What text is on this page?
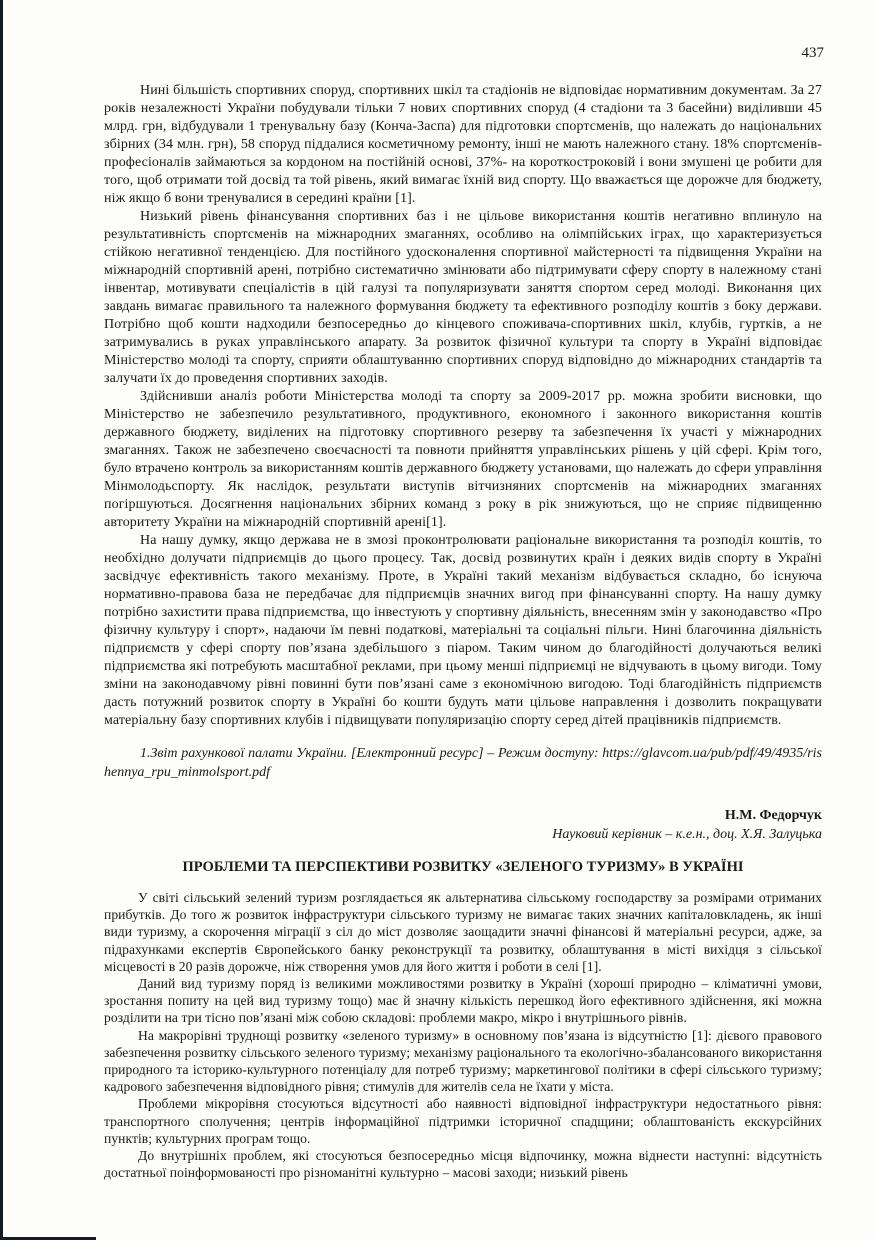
437

Нині більшість спортивних споруд, спортивних шкіл та стадіонів не відповідає нормативним документам. За 27 років незалежності України побудували тільки 7 нових спортивних споруд (4 стадіони та 3 басейни) виділивши 45 млрд. грн, відбудували 1 тренувальну базу (Конча-Заспа) для підготовки спортсменів, що належать до національних збірних (34 млн. грн), 58 споруд піддалися косметичному ремонту, інші не мають належного стану. 18% спортсменів-професіоналів займаються за кордоном на постійній основі, 37%- на короткостроковій і вони змушені це робити для того, щоб отримати той досвід та той рівень, який вимагає їхній вид спорту. Що вважається ще дорожче для бюджету, ніж якщо б вони тренувалися в середині країни [1].

Низький рівень фінансування спортивних баз і не цільове використання коштів негативно вплинуло на результативність спортсменів на міжнародних змаганнях, особливо на олімпійських іграх, що характеризується стійкою негативної тенденцією. Для постійного удосконалення спортивної майстерності та підвищення України на міжнародній спортивній арені, потрібно систематично змінювати або підтримувати сферу спорту в належному стані інвентар, мотивувати спеціалістів в цій галузі та популяризувати заняття спортом серед молоді. Виконання цих завдань вимагає правильного та належного формування бюджету та ефективного розподілу коштів з боку держави. Потрібно щоб кошти надходили безпосередньо до кінцевого споживача-спортивних шкіл, клубів, гуртків, а не затримувались в руках управлінського апарату. За розвиток фізичної культури та спорту в Україні відповідає Міністерство молоді та спорту, сприяти облаштуванню спортивних споруд відповідно до міжнародних стандартів та залучати їх до проведення спортивних заходів.

Здійснивши аналіз роботи Міністерства молоді та спорту за 2009-2017 рр. можна зробити висновки, що Міністерство не забезпечило результативного, продуктивного, економного і законного використання коштів державного бюджету, виділених на підготовку спортивного резерву та забезпечення їх участі у міжнародних змаганнях. Також не забезпечено своєчасності та повноти прийняття управлінських рішень у цій сфері. Крім того, було втрачено контроль за використанням коштів державного бюджету установами, що належать до сфери управління Мінмолодьспорту. Як наслідок, результати виступів вітчизняних спортсменів на міжнародних змаганнях погіршуються. Досягнення національних збірних команд з року в рік знижуються, що не сприяє підвищенню авторитету України на міжнародній спортивній арені[1].

На нашу думку, якщо держава не в змозі проконтролювати раціональне використання та розподіл коштів, то необхідно долучати підприємців до цього процесу. Так, досвід розвинутих країн і деяких видів спорту в Україні засвідчує ефективність такого механізму. Проте, в Україні такий механізм відбувається складно, бо існуюча нормативно-правова база не передбачає для підприємців значних вигод при фінансуванні спорту. На нашу думку потрібно захистити права підприємства, що інвестують у спортивну діяльність, внесенням змін у законодавство «Про фізичну культуру і спорт», надаючи їм певні податкові, матеріальні та соціальні пільги. Нині благочинна діяльність підприємств у сфері спорту пов’язана здебільшого з піаром. Таким чином до благодійності долучаються великі підприємства які потребують масштабної реклами, при цьому менші підприємці не відчувають в цьому вигоди. Тому зміни на законодавчому рівні повинні бути пов’язані саме з економічною вигодою. Тоді благодійність підприємств дасть потужний розвиток спорту в Україні бо кошти будуть мати цільове направлення і дозволить покращувати матеріальну базу спортивних клубів і підвищувати популяризацію спорту серед дітей працівників підприємств.

1.Звіт рахункової палати України. [Електронний ресурс] – Режим доступу: https://glavcom.ua/pub/pdf/49/4935/rishennya_rpu_minmolsport.pdf

Н.М. Федорчук
Науковий керівник – к.е.н., доц. Х.Я. Залуцька
ПРОБЛЕМИ ТА ПЕРСПЕКТИВИ РОЗВИТКУ «ЗЕЛЕНОГО ТУРИЗМУ» В УКРАЇНІ

У світі сільський зелений туризм розглядається як альтернатива сільському господарству за розмірами отриманих прибутків. До того ж розвиток інфраструктури сільського туризму не вимагає таких значних капіталовкладень, як інші види туризму, а скорочення міграції з сіл до міст дозволяє заощадити значні фінансові й матеріальні ресурси, адже, за підрахунками експертів Європейського банку реконструкції та розвитку, облаштування в місті вихідця з сільської місцевості в 20 разів дорожче, ніж створення умов для його життя і роботи в селі [1].

Даний вид туризму поряд із великими можливостями розвитку в Україні (хороші природно – кліматичні умови, зростання попиту на цей вид туризму тощо) має й значну кількість перешкод його ефективного здійснення, які можна розділити на три тісно пов’язані між собою складові: проблеми макро, мікро і внутрішнього рівнів.

На макрорівні труднощі розвитку «зеленого туризму» в основному пов’язана із відсутністю [1]: дієвого правового забезпечення розвитку сільського зеленого туризму; механізму раціонального та екологічно-збалансованого використання природного та історико-культурного потенціалу для потреб туризму; маркетингової політики в сфері сільського туризму; кадрового забезпечення відповідного рівня; стимулів для жителів села не їхати у міста.

Проблеми мікрорівня стосуються відсутності або наявності відповідної інфраструктури недостатнього рівня: транспортного сполучення; центрів інформаційної підтримки історичної спадщини; облаштованість екскурсійних пунктів; культурних програм тощо.

До внутрішніх проблем, які стосуються безпосередньо місця відпочинку, можна віднести наступні: відсутність достатньої поінформованості про різноманітні культурно – масові заходи; низький рівень
